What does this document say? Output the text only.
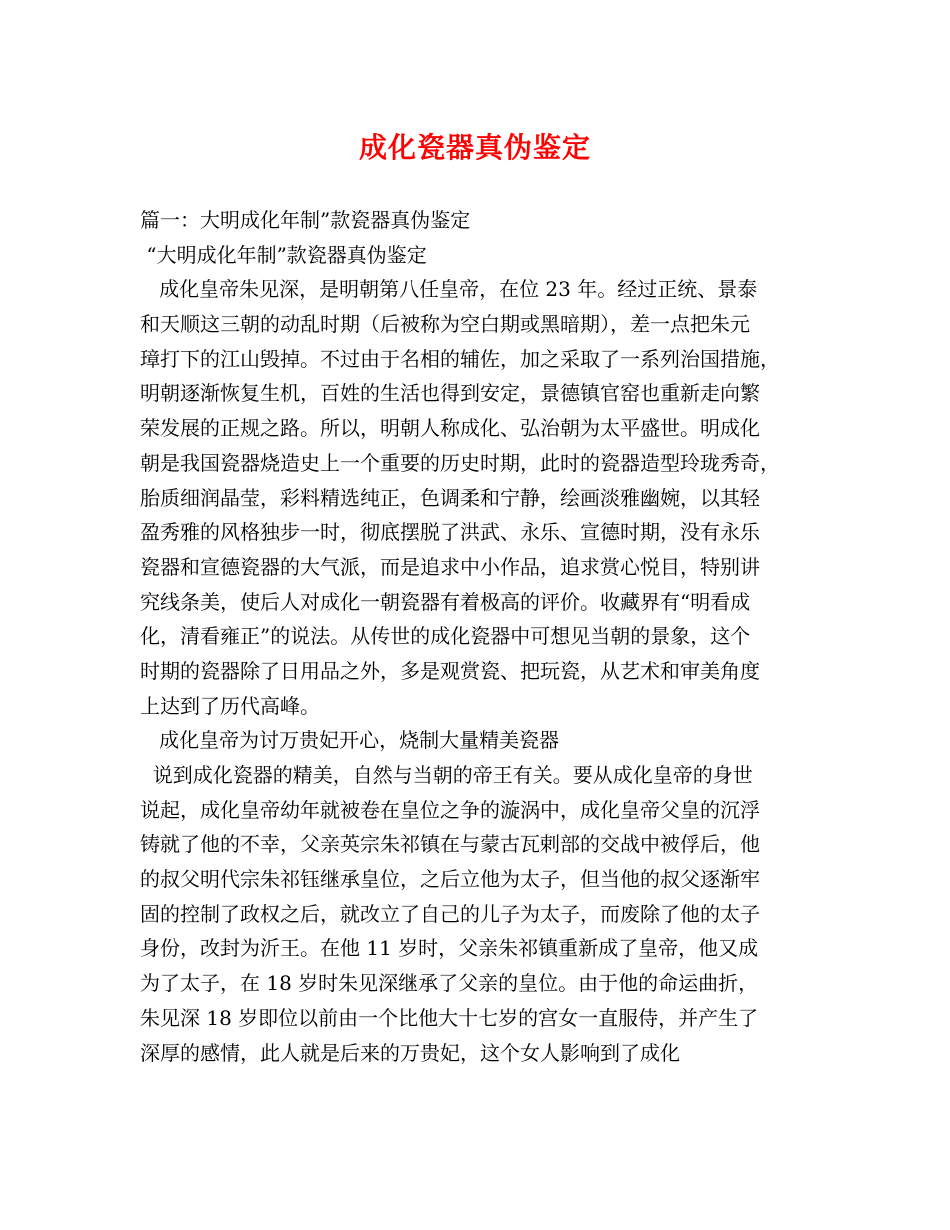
成化瓷器真伪鉴定
篇一：大明成化年制”款瓷器真伪鉴定
“大明成化年制”款瓷器真伪鉴定
成化皇帝朱见深，是明朝第八任皇帝，在位 23 年。经过正统、景泰
和天顺这三朝的动乱时期（后被称为空白期或黑暗期），差一点把朱元
璋打下的江山毁掉。不过由于名相的辅佐，加之采取了一系列治国措施，
明朝逐渐恢复生机，百姓的生活也得到安定，景德镇官窑也重新走向繁
荣发展的正规之路。所以，明朝人称成化、弘治朝为太平盛世。明成化
朝是我国瓷器烧造史上一个重要的历史时期，此时的瓷器造型玲珑秀奇，
胎质细润晶莹，彩料精选纯正，色调柔和宁静，绘画淡雅幽婉，以其轻
盈秀雅的风格独步一时，彻底摆脱了洪武、永乐、宣德时期，没有永乐
瓷器和宣德瓷器的大气派，而是追求中小作品，追求赏心悦目，特别讲
究线条美，使后人对成化一朝瓷器有着极高的评价。收藏界有“明看成
化，清看雍正”的说法。从传世的成化瓷器中可想见当朝的景象，这个
时期的瓷器除了日用品之外，多是观赏瓷、把玩瓷，从艺术和审美角度
上达到了历代高峰。
成化皇帝为讨万贵妃开心，烧制大量精美瓷器
说到成化瓷器的精美，自然与当朝的帝王有关。要从成化皇帝的身世
说起，成化皇帝幼年就被卷在皇位之争的漩涡中，成化皇帝父皇的沉浮
铸就了他的不幸，父亲英宗朱祁镇在与蒙古瓦剌部的交战中被俘后，他
的叔父明代宗朱祁钰继承皇位，之后立他为太子，但当他的叔父逐渐牢
固的控制了政权之后，就改立了自己的儿子为太子，而废除了他的太子
身份，改封为沂王。在他 11 岁时，父亲朱祁镇重新成了皇帝，他又成
为了太子，在 18 岁时朱见深继承了父亲的皇位。由于他的命运曲折，
朱见深 18 岁即位以前由一个比他大十七岁的宫女一直服侍，并产生了
深厚的感情，此人就是后来的万贵妃，这个女人影响到了成化
